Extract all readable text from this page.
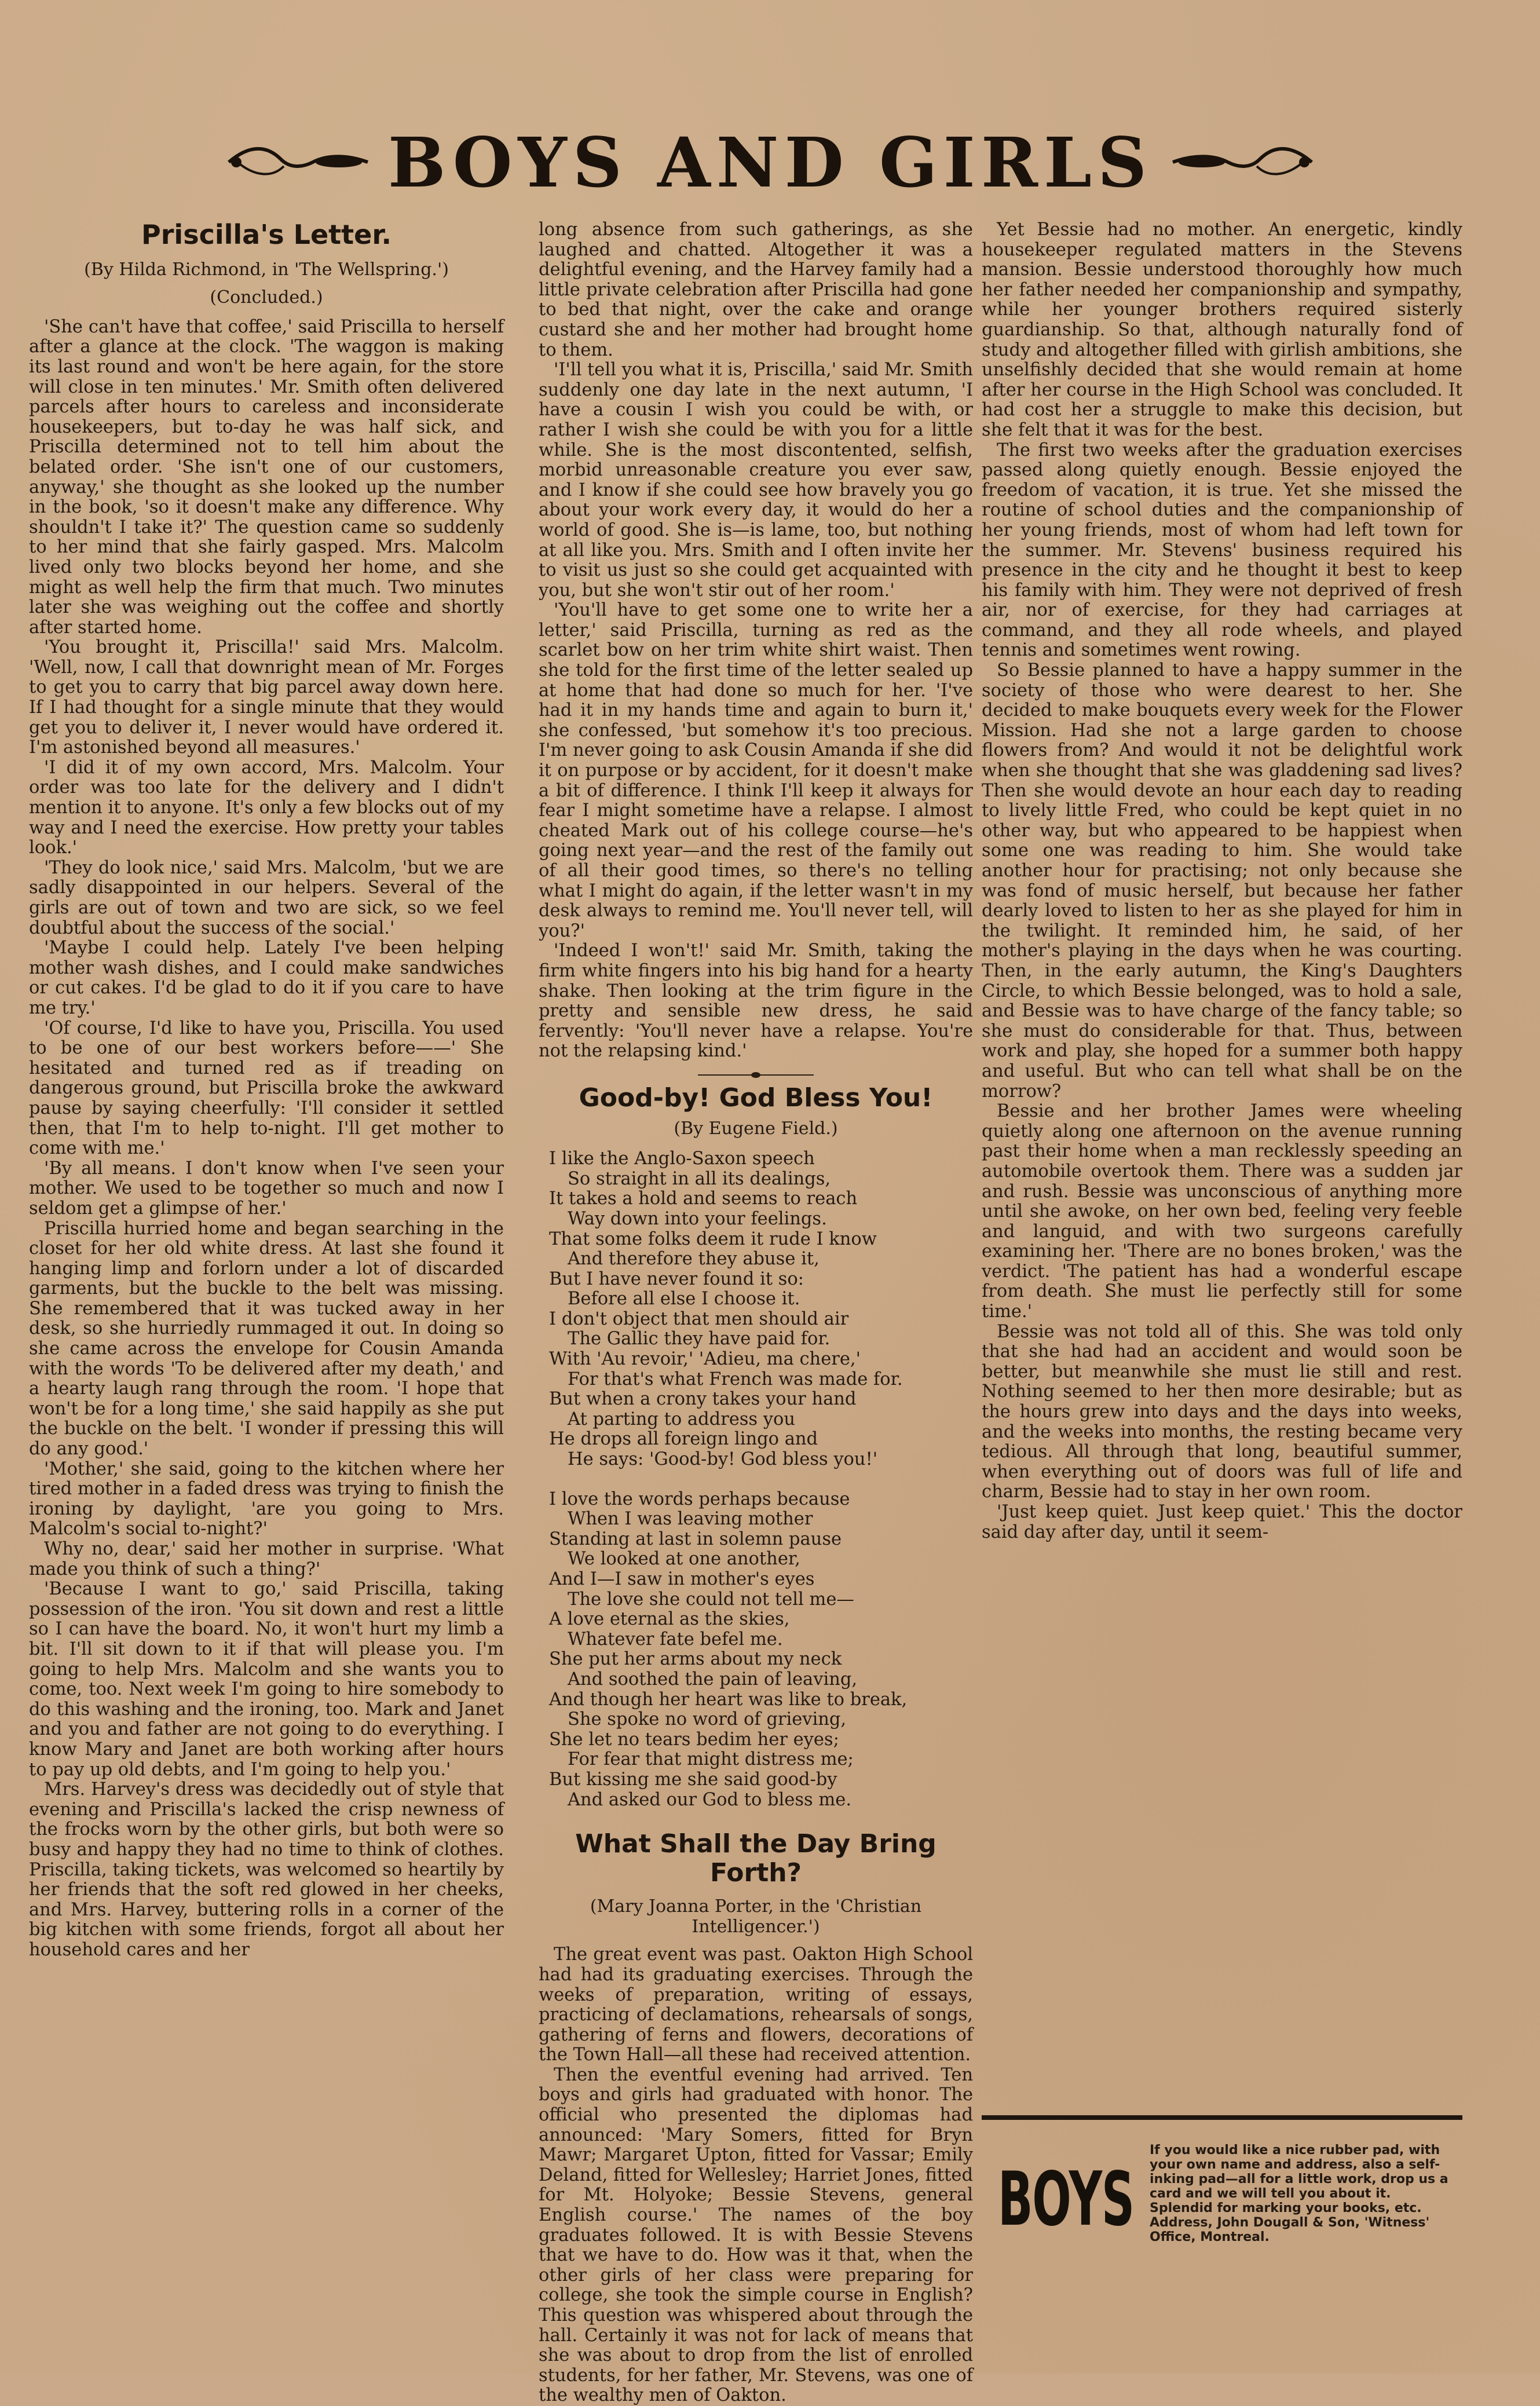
BOYS AND GIRLS
Priscilla's Letter.
(By Hilda Richmond, in 'The Wellspring.')
(Concluded.)

'She can't have that coffee,' said Priscilla to herself after a glance at the clock. 'The waggon is making its last round and won't be here again, for the store will close in ten minutes.' Mr. Smith often delivered parcels after hours to careless and inconsiderate housekeepers, but to-day he was half sick, and Priscilla determined not to tell him about the belated order. 'She isn't one of our customers, anyway,' she thought as she looked up the number in the book, 'so it doesn't make any difference. Why shouldn't I take it?' The question came so suddenly to her mind that she fairly gasped. Mrs. Malcolm lived only two blocks beyond her home, and she might as well help the firm that much. Two minutes later she was weighing out the coffee and shortly after started home.

'You brought it, Priscilla!' said Mrs. Malcolm. 'Well, now, I call that downright mean of Mr. Forges to get you to carry that big parcel away down here. If I had thought for a single minute that they would get you to deliver it, I never would have ordered it. I'm astonished beyond all measures.'

'I did it of my own accord, Mrs. Malcolm. Your order was too late for the delivery and I didn't mention it to anyone. It's only a few blocks out of my way and I need the exercise. How pretty your tables look.'

'They do look nice,' said Mrs. Malcolm, 'but we are sadly disappointed in our helpers. Several of the girls are out of town and two are sick, so we feel doubtful about the success of the social.'

'Maybe I could help. Lately I've been helping mother wash dishes, and I could make sandwiches or cut cakes. I'd be glad to do it if you care to have me try.'

'Of course, I'd like to have you, Priscilla. You used to be one of our best workers before——' She hesitated and turned red as if treading on dangerous ground, but Priscilla broke the awkward pause by saying cheerfully: 'I'll consider it settled then, that I'm to help to-night. I'll get mother to come with me.'

'By all means. I don't know when I've seen your mother. We used to be together so much and now I seldom get a glimpse of her.'

Priscilla hurried home and began searching in the closet for her old white dress. At last she found it hanging limp and forlorn under a lot of discarded garments, but the buckle to the belt was missing. She remembered that it was tucked away in her desk, so she hurriedly rummaged it out. In doing so she came across the envelope for Cousin Amanda with the words 'To be delivered after my death,' and a hearty laugh rang through the room. 'I hope that won't be for a long time,' she said happily as she put the buckle on the belt. 'I wonder if pressing this will do any good.'

'Mother,' she said, going to the kitchen where her tired mother in a faded dress was trying to finish the ironing by daylight, 'are you going to Mrs. Malcolm's social to-night?'

Why no, dear,' said her mother in surprise. 'What made you think of such a thing?'

'Because I want to go,' said Priscilla, taking possession of the iron. 'You sit down and rest a little so I can have the board. No, it won't hurt my limb a bit. I'll sit down to it if that will please you. I'm going to help Mrs. Malcolm and she wants you to come, too. Next week I'm going to hire somebody to do this washing and the ironing, too. Mark and Janet and you and father are not going to do everything. I know Mary and Janet are both working after hours to pay up old debts, and I'm going to help you.'

Mrs. Harvey's dress was decidedly out of style that evening and Priscilla's lacked the crisp newness of the frocks worn by the other girls, but both were so busy and happy they had no time to think of clothes. Priscilla, taking tickets, was welcomed so heartily by her friends that the soft red glowed in her cheeks, and Mrs. Harvey, buttering rolls in a corner of the big kitchen with some friends, forgot all about her household cares and her

long absence from such gatherings, as she laughed and chatted. Altogether it was a delightful evening, and the Harvey family had a little private celebration after Priscilla had gone to bed that night, over the cake and orange custard she and her mother had brought home to them.

'I'll tell you what it is, Priscilla,' said Mr. Smith suddenly one day late in the next autumn, 'I have a cousin I wish you could be with, or rather I wish she could be with you for a little while. She is the most discontented, selfish, morbid unreasonable creature you ever saw, and I know if she could see how bravely you go about your work every day, it would do her a world of good. She is—is lame, too, but nothing at all like you. Mrs. Smith and I often invite her to visit us just so she could get acquainted with you, but she won't stir out of her room.'

'You'll have to get some one to write her a letter,' said Priscilla, turning as red as the scarlet bow on her trim white shirt waist. Then she told for the first time of the letter sealed up at home that had done so much for her. 'I've had it in my hands time and again to burn it,' she confessed, 'but somehow it's too precious. I'm never going to ask Cousin Amanda if she did it on purpose or by accident, for it doesn't make a bit of difference. I think I'll keep it always for fear I might sometime have a relapse. I almost cheated Mark out of his college course—he's going next year—and the rest of the family out of all their good times, so there's no telling what I might do again, if the letter wasn't in my desk always to remind me. You'll never tell, will you?'

'Indeed I won't!' said Mr. Smith, taking the firm white fingers into his big hand for a hearty shake. Then looking at the trim figure in the pretty and sensible new dress, he said fervently: 'You'll never have a relapse. You're not the relapsing kind.'

Good-by! God Bless You!
(By Eugene Field.)
I like the Anglo-Saxon speech
So straight in all its dealings,
It takes a hold and seems to reach
Way down into your feelings.
That some folks deem it rude I know
And therefore they abuse it,
But I have never found it so:
Before all else I choose it.
I don't object that men should air
The Gallic they have paid for.
With 'Au revoir,' 'Adieu, ma chere,'
For that's what French was made for.
But when a crony takes your hand
At parting to address you
He drops all foreign lingo and
He says: 'Good-by! God bless you!'
I love the words perhaps because
When I was leaving mother
Standing at last in solemn pause
We looked at one another,
And I—I saw in mother's eyes
The love she could not tell me—
A love eternal as the skies,
Whatever fate befel me.
She put her arms about my neck
And soothed the pain of leaving,
And though her heart was like to break,
She spoke no word of grieving,
She let no tears bedim her eyes;
For fear that might distress me;
But kissing me she said good-by
And asked our God to bless me.
What Shall the Day Bring Forth?
(Mary Joanna Porter, in the 'Christian Intelligencer.')

The great event was past. Oakton High School had had its graduating exercises. Through the weeks of preparation, writing of essays, practicing of declamations, rehearsals of songs, gathering of ferns and flowers, decorations of the Town Hall—all these had received attention.

Then the eventful evening had arrived. Ten boys and girls had graduated with honor. The official who presented the diplomas had announced: 'Mary Somers, fitted for Bryn Mawr; Margaret Upton, fitted for Vassar; Emily Deland, fitted for Wellesley; Harriet Jones, fitted for Mt. Holyoke; Bessie Stevens, general English course.' The names of the boy graduates followed. It is with Bessie Stevens that we have to do. How was it that, when the other girls of her class were preparing for college, she took the simple course in English? This question was whispered about through the hall. Certainly it was not for lack of means that she was about to drop from the list of enrolled students, for her father, Mr. Stevens, was one of the wealthy men of Oakton.

Yet Bessie had no mother. An energetic, kindly housekeeper regulated matters in the Stevens mansion. Bessie understood thoroughly how much her father needed her companionship and sympathy, while her younger brothers required sisterly guardianship. So that, although naturally fond of study and altogether filled with girlish ambitions, she unselfishly decided that she would remain at home after her course in the High School was concluded. It had cost her a struggle to make this decision, but she felt that it was for the best.

The first two weeks after the graduation exercises passed along quietly enough. Bessie enjoyed the freedom of vacation, it is true. Yet she missed the routine of school duties and the companionship of her young friends, most of whom had left town for the summer. Mr. Stevens' business required his presence in the city and he thought it best to keep his family with him. They were not deprived of fresh air, nor of exercise, for they had carriages at command, and they all rode wheels, and played tennis and sometimes went rowing.

So Bessie planned to have a happy summer in the society of those who were dearest to her. She decided to make bouquets every week for the Flower Mission. Had she not a large garden to choose flowers from? And would it not be delightful work when she thought that she was gladdening sad lives? Then she would devote an hour each day to reading to lively little Fred, who could be kept quiet in no other way, but who appeared to be happiest when some one was reading to him. She would take another hour for practising; not only because she was fond of music herself, but because her father dearly loved to listen to her as she played for him in the twilight. It reminded him, he said, of her mother's playing in the days when he was courting. Then, in the early autumn, the King's Daughters Circle, to which Bessie belonged, was to hold a sale, and Bessie was to have charge of the fancy table; so she must do considerable for that. Thus, between work and play, she hoped for a summer both happy and useful. But who can tell what shall be on the morrow?

Bessie and her brother James were wheeling quietly along one afternoon on the avenue running past their home when a man recklessly speeding an automobile overtook them. There was a sudden jar and rush. Bessie was unconscious of anything more until she awoke, on her own bed, feeling very feeble and languid, and with two surgeons carefully examining her. 'There are no bones broken,' was the verdict. 'The patient has had a wonderful escape from death. She must lie perfectly still for some time.'

Bessie was not told all of this. She was told only that she had had an accident and would soon be better, but meanwhile she must lie still and rest. Nothing seemed to her then more desirable; but as the hours grew into days and the days into weeks, and the weeks into months, the resting became very tedious. All through that long, beautiful summer, when everything out of doors was full of life and charm, Bessie had to stay in her own room.

'Just keep quiet. Just keep quiet.' This the doctor said day after day, until it seem-

BOYS
If you would like a nice rubber pad, with your own name and address, also a self-inking pad—all for a little work, drop us a card and we will tell you about it. Splendid for marking your books, etc. Address, John Dougall & Son, 'Witness' Office, Montreal.
